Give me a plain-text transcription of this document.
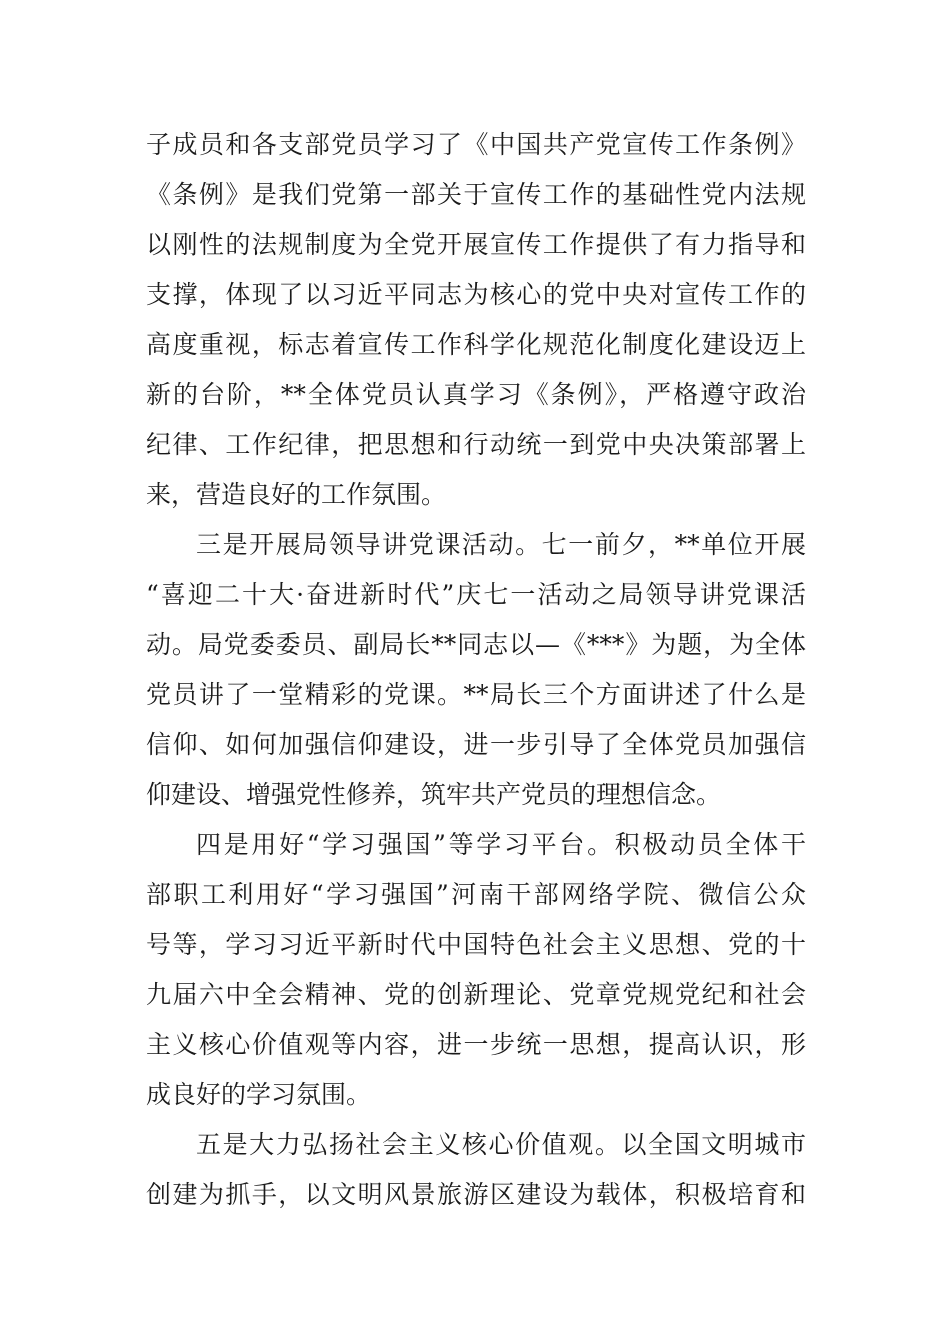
子成员和各支部党员学习了《中国共产党宣传工作条例》
《条例》是我们党第一部关于宣传工作的基础性党内法规
以刚性的法规制度为全党开展宣传工作提供了有力指导和
支撑，体现了以习近平同志为核心的党中央对宣传工作的
高度重视，标志着宣传工作科学化规范化制度化建设迈上
新的台阶，**全体党员认真学习《条例》，严格遵守政治
纪律、工作纪律，把思想和行动统一到党中央决策部署上
来，营造良好的工作氛围。
三是开展局领导讲党课活动。七一前夕，**单位开展
“喜迎二十大·奋进新时代”庆七一活动之局领导讲党课活
动。局党委委员、副局长**同志以—《***》为题，为全体
党员讲了一堂精彩的党课。**局长三个方面讲述了什么是
信仰、如何加强信仰建设，进一步引导了全体党员加强信
仰建设、增强党性修养，筑牢共产党员的理想信念。
四是用好“学习强国”等学习平台。积极动员全体干
部职工利用好“学习强国”河南干部网络学院、微信公众
号等，学习习近平新时代中国特色社会主义思想、党的十
九届六中全会精神、党的创新理论、党章党规党纪和社会
主义核心价值观等内容，进一步统一思想，提高认识，形
成良好的学习氛围。
五是大力弘扬社会主义核心价值观。以全国文明城市
创建为抓手，以文明风景旅游区建设为载体，积极培育和
